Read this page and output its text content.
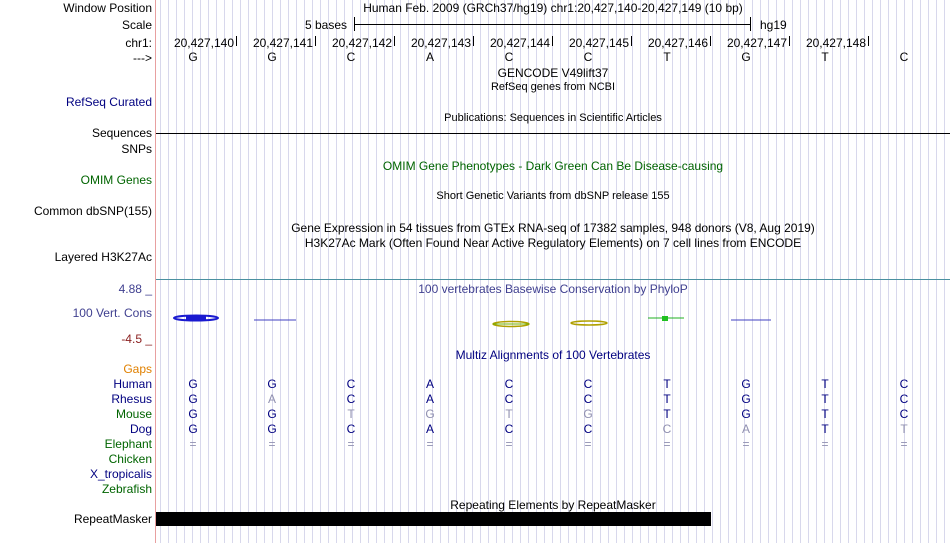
Window Position	Human Feb. 2009 (GRCh37/hg19) chr1:20,427,140-20,427,149 (10 bp)
Scale	5 bases	hg19
chr1:	20,427,140	20,427,141	20,427,142	20,427,143	20,427,144	20,427,145	20,427,146	20,427,147	20,427,148
--->	G	G	C	A	C	C	T	G	T	C
GENCODE V49lift37
RefSeq genes from NCBI
RefSeq Curated
Publications: Sequences in Scientific Articles
Sequences
SNPs
OMIM Gene Phenotypes - Dark Green Can Be Disease-causing
OMIM Genes
Short Genetic Variants from dbSNP release 155
Common dbSNP(155)
Gene Expression in 54 tissues from GTEx RNA-seq of 17382 samples, 948 donors (V8, Aug 2019)
H3K27Ac Mark (Often Found Near Active Regulatory Elements) on 7 cell lines from ENCODE
Layered H3K27Ac
100 vertebrates Basewise Conservation by PhyloP
4.88 _
100 Vert. Cons
-4.5 _
Multiz Alignments of 100 Vertebrates
Gaps
Human	G	G	C	A	C	C	T	G	T	C
Rhesus	G	A	C	A	C	C	T	G	T	C
Mouse	G	G	T	G	T	G	T	G	T	C
Dog	G	G	C	A	C	C	C	A	T	T
Elephant	=	=	=	=	=	=	=	=	=	=
Chicken
X_tropicalis
Zebrafish
Repeating Elements by RepeatMasker
RepeatMasker
